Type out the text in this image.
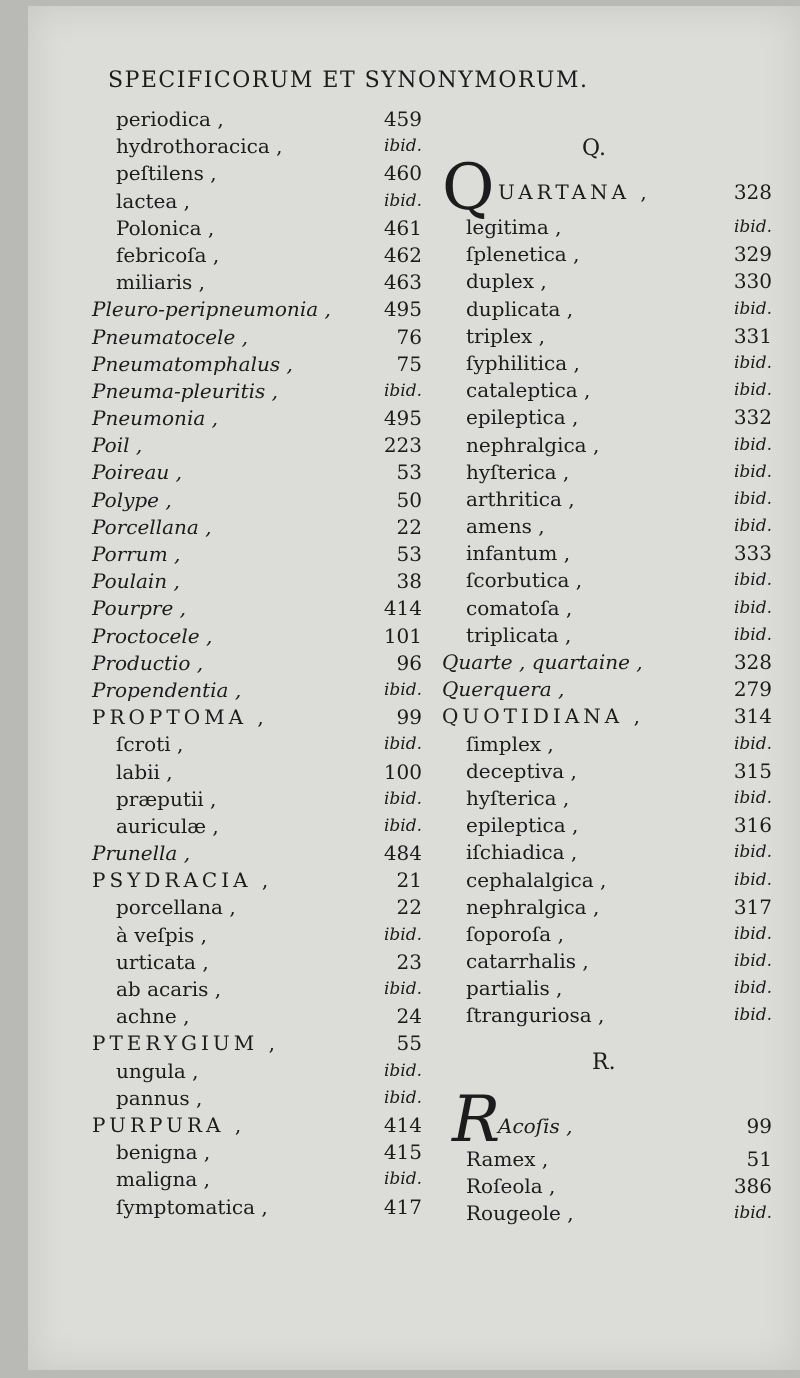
SPECIFICORUM ET SYNONYMORUM.
periodica ,	459
hydrothoracica ,	ibid.
peſtilens ,	460
lactea ,	ibid.
Polonica ,	461
febricoſa ,	462
miliaris ,	463
Pleuro-peripneumonia ,	495
Pneumatocele ,	76
Pneumatomphalus ,	75
Pneuma-pleuritis ,	ibid.
Pneumonia ,	495
Poil ,	223
Poireau ,	53
Polype ,	50
Porcellana ,	22
Porrum ,	53
Poulain ,	38
Pourpre ,	414
Proctocele ,	101
Productio ,	96
Propendentia ,	ibid.
PROPTOMA ,	99
ſcroti ,	ibid.
labii ,	100
præputii ,	ibid.
auriculæ ,	ibid.
Prunella ,	484
PSYDRACIA ,	21
porcellana ,	22
à veſpis ,	ibid.
urticata ,	23
ab acaris ,	ibid.
achne ,	24
PTERYGIUM ,	55
ungula ,	ibid.
pannus ,	ibid.
PURPURA ,	414
benigna ,	415
maligna ,	ibid.
ſymptomatica ,	417
Q.
Q UARTANA ,	328
legitima ,	ibid.
ſplenetica ,	329
duplex ,	330
duplicata ,	ibid.
triplex ,	331
ſyphilitica ,	ibid.
cataleptica ,	ibid.
epileptica ,	332
nephralgica ,	ibid.
hyſterica ,	ibid.
arthritica ,	ibid.
amens ,	ibid.
infantum ,	333
ſcorbutica ,	ibid.
comatoſa ,	ibid.
triplicata ,	ibid.
Quarte , quartaine ,	328
Querquera ,	279
QUOTIDIANA ,	314
ſimplex ,	ibid.
deceptiva ,	315
hyſterica ,	ibid.
epileptica ,	316
iſchiadica ,	ibid.
cephalalgica ,	ibid.
nephralgica ,	317
ſoporoſa ,	ibid.
catarrhalis ,	ibid.
partialis ,	ibid.
ſtranguriosa ,	ibid.
R.
R
Acoſis ,	99
Ramex ,	51
Roſeola ,	386
Rougeole ,	ibid.
